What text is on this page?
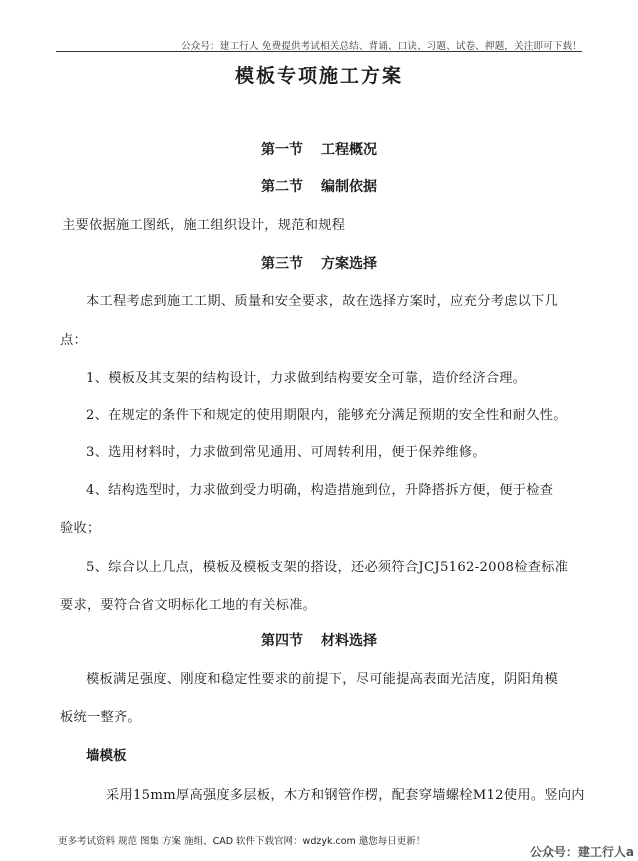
公众号：建工行人 免费提供考试相关总结、背诵、口诀、习题、试卷、押题，关注即可下载！
模板专项施工方案
第一节 工程概况
第二节 编制依据
主要依据施工图纸，施工组织设计，规范和规程
第三节 方案选择
本工程考虑到施工工期、质量和安全要求，故在选择方案时，应充分考虑以下几
点：
1、模板及其支架的结构设计，力求做到结构要安全可靠，造价经济合理。
2、在规定的条件下和规定的使用期限内，能够充分满足预期的安全性和耐久性。
3、选用材料时，力求做到常见通用、可周转利用，便于保养维修。
4、结构选型时，力求做到受力明确，构造措施到位，升降搭拆方便，便于检查
验收；
5、综合以上几点，模板及模板支架的搭设，还必须符合JCJ5162-2008检查标准
要求，要符合省文明标化工地的有关标准。
第四节 材料选择
模板满足强度、刚度和稳定性要求的前提下，尽可能提高表面光洁度，阴阳角模
板统一整齐。
墙模板
采用15mm厚高强度多层板，木方和钢管作楞，配套穿墙螺栓M12使用。竖向内
更多考试资料 规范 图集 方案 施组、CAD 软件下载官网：wdzyk.com 邀您每日更新！
公众号：建工行人a
